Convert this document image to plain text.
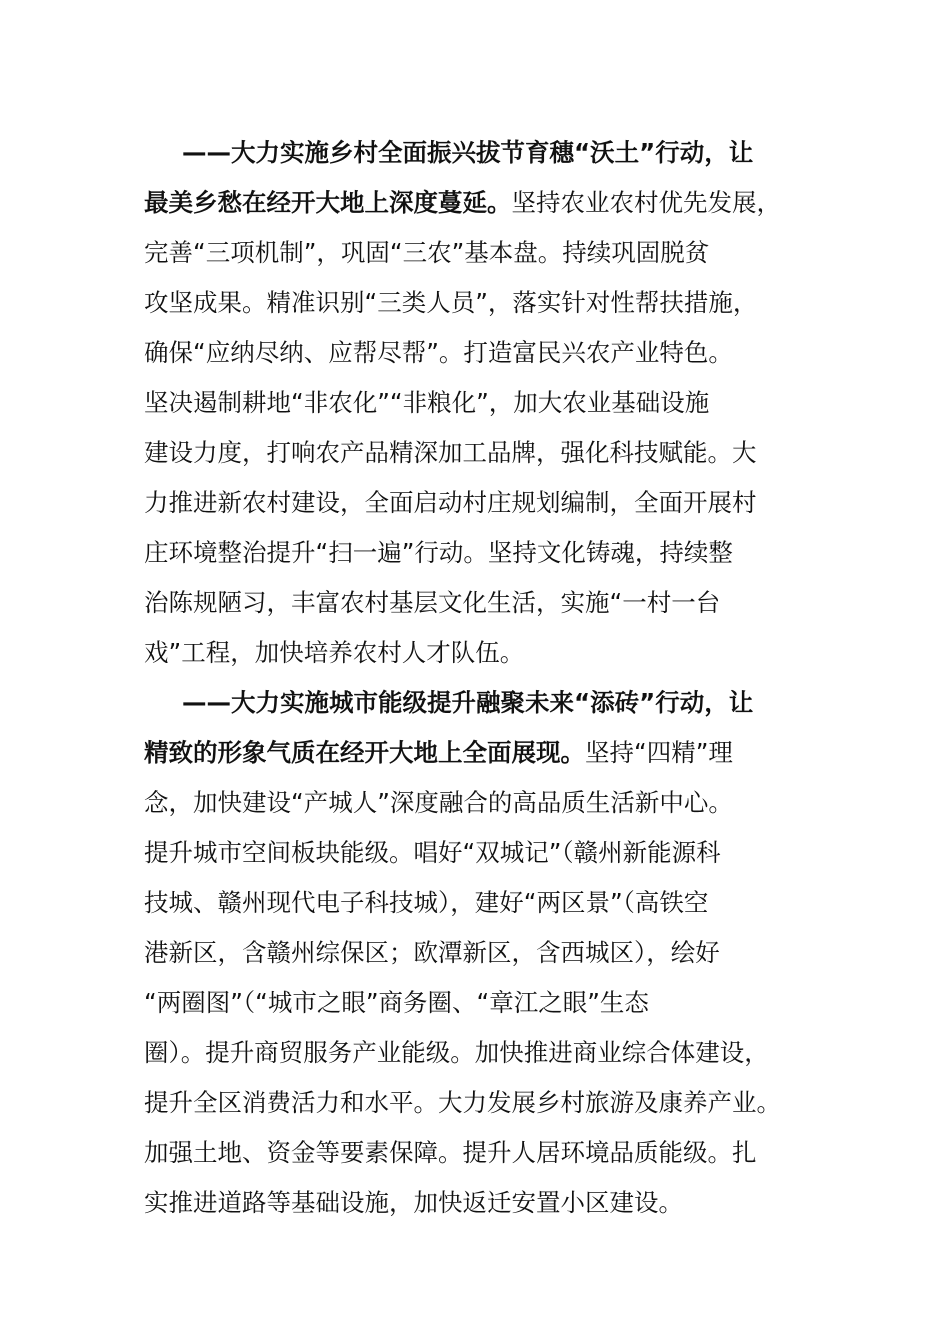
——大力实施乡村全面振兴拔节育穗“沃土”行动，让
最美乡愁在经开大地上深度蔓延。坚持农业农村优先发展，
完善“三项机制”，巩固“三农”基本盘。持续巩固脱贫
攻坚成果。精准识别“三类人员”，落实针对性帮扶措施，
确保“应纳尽纳、应帮尽帮”。打造富民兴农产业特色。
坚决遏制耕地“非农化”“非粮化”，加大农业基础设施
建设力度，打响农产品精深加工品牌，强化科技赋能。大
力推进新农村建设，全面启动村庄规划编制，全面开展村
庄环境整治提升“扫一遍”行动。坚持文化铸魂，持续整
治陈规陋习，丰富农村基层文化生活，实施“一村一台
戏”工程，加快培养农村人才队伍。
——大力实施城市能级提升融聚未来“添砖”行动，让
精致的形象气质在经开大地上全面展现。坚持“四精”理
念，加快建设“产城人”深度融合的高品质生活新中心。
提升城市空间板块能级。唱好“双城记”（赣州新能源科
技城、赣州现代电子科技城），建好“两区景”（高铁空
港新区，含赣州综保区；欧潭新区，含西城区），绘好
“两圈图”（“城市之眼”商务圈、“章江之眼”生态
圈）。提升商贸服务产业能级。加快推进商业综合体建设，
提升全区消费活力和水平。大力发展乡村旅游及康养产业。
加强土地、资金等要素保障。提升人居环境品质能级。扎
实推进道路等基础设施，加快返迁安置小区建设。
